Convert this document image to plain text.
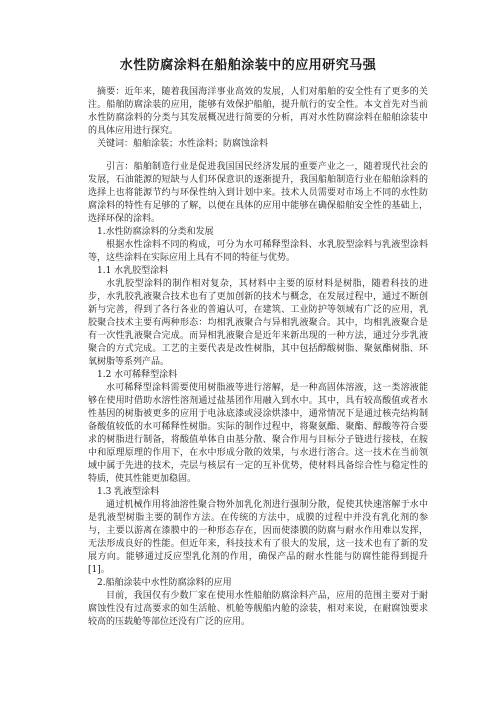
水性防腐涂料在船舶涂装中的应用研究马强

摘要：近年来，随着我国海洋事业高效的发展，人们对船舶的安全性有了更多的关注。船舶防腐涂装的应用，能够有效保护船舶，提升航行的安全性。本文首先对当前水性防腐涂料的分类与其发展概况进行简要的分析，再对水性防腐涂料在船舶涂装中的具体应用进行探究。

关键词：船舶涂装；水性涂料；防腐蚀涂料

引言：船舶制造行业是促进我国国民经济发展的重要产业之一，随着现代社会的发展，石油能源的短缺与人们环保意识的逐渐提升，我国船舶制造行业在船舶涂料的选择上也将能源节约与环保性纳入到计划中来。技术人员需要对市场上不同的水性防腐涂料的特性有足够的了解，以便在具体的应用中能够在确保船舶安全性的基础上，选择环保的涂料。

1.水性防腐涂料的分类和发展

根据水性涂料不同的构成，可分为水可稀释型涂料、水乳胶型涂料与乳液型涂料等，这些涂料在实际应用上具有不同的特征与优势。

1.1 水乳胶型涂料

水乳胶型涂料的制作相对复杂，其材料中主要的原材料是树脂，随着科技的进步，水乳胶乳液聚合技术也有了更加创新的技术与概念，在发展过程中，通过不断创新与完善，得到了各行各业的普遍认可，在建筑、工业防护等领域有广泛的应用，乳胶聚合技术主要有两种形态：均相乳液聚合与异相乳液聚合。其中，均相乳液聚合是有一次性乳液聚合完成。而异相乳液聚合是近年来新出现的一种方法，通过分步乳液聚合的方式完成。工艺的主要代表是改性树脂，其中包括醇酸树脂、聚氨酯树脂、环氧树脂等系列产品。

1.2 水可稀释型涂料

水可稀释型涂料需要使用树脂液等进行溶解，是一种高固体溶液，这一类溶液能够在使用时借助水溶性溶剂通过盐基团作用融入到水中。其中，具有较高酸值或者水性基因的树脂被更多的应用于电泳底漆或浸涂烘漆中，通常情况下是通过核壳结构制备酸值较低的水可稀释性树脂。实际的制作过程中，将聚氨酯、聚酯、醇酸等符合要求的树脂进行制备，将酸值单体自由基分散、聚合作用与目标分子链进行接枝，在胺中和原理原理的作用下，在水中形成分散的效果，与水进行溶合。这一技术在当前领域中属于先进的技术，壳层与核层有一定的互补优势，使材料具备综合性与稳定性的特质，使其性能更加稳固。

1.3 乳液型涂料

通过机械作用将油溶性聚合物外加乳化剂进行强制分散，促使其快速溶解于水中是乳液型树脂主要的制作方法。在传统的方法中，成膜的过程中并没有乳化剂的参与，主要以游离在漆膜中的一种形态存在，因而使漆膜的防腐与耐水作用难以发挥，无法形成良好的性能。但近年来，科技技术有了很大的发展，这一技术也有了新的发展方向。能够通过反应型乳化剂的作用，确保产品的耐水性能与防腐性能得到提升[1]。

2.船舶涂装中水性防腐涂料的应用

目前，我国仅有少数厂家在使用水性船舶防腐涂料产品，应用的范围主要对于耐腐蚀性没有过高要求的如生活舱、机舱等舰船内舱的涂装，相对来说，在耐腐蚀要求较高的压载舱等部位还没有广泛的应用。
